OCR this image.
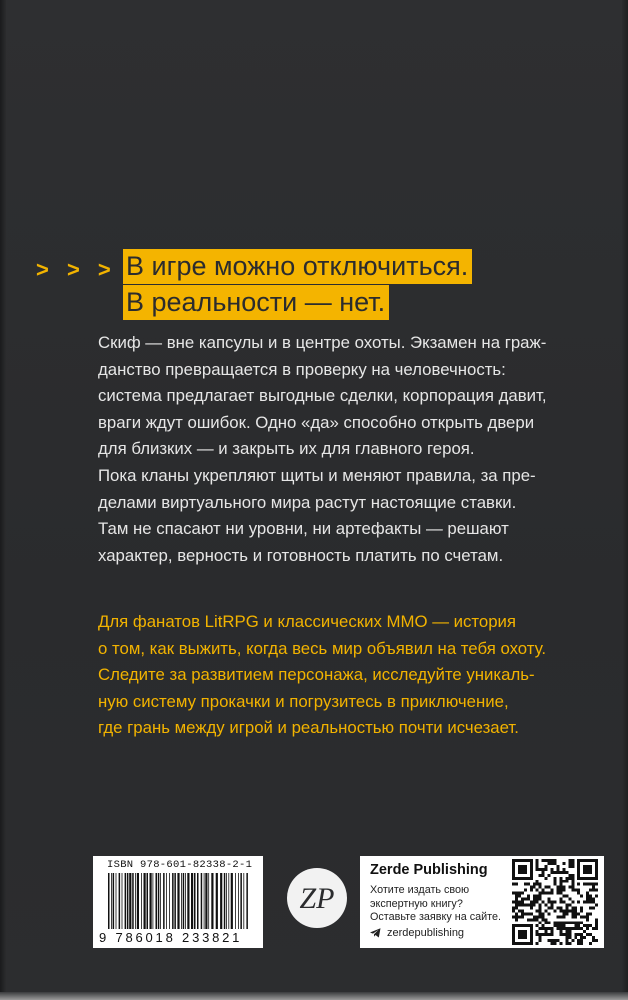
> > > В игре можно отключиться.
В реальности — нет.
Скиф — вне капсулы и в центре охоты. Экзамен на граж-
данство превращается в проверку на человечность:
система предлагает выгодные сделки, корпорация давит,
враги ждут ошибок. Одно «да» способно открыть двери
для близких — и закрыть их для главного героя.
Пока кланы укрепляют щиты и меняют правила, за пре-
делами виртуального мира растут настоящие ставки.
Там не спасают ни уровни, ни артефакты — решают
характер, верность и готовность платить по счетам.
Для фанатов LitRPG и классических MMO — история
о том, как выжить, когда весь мир объявил на тебя охоту.
Следите за развитием персонажа, исследуйте уникаль-
ную систему прокачки и погрузитесь в приключение,
где грань между игрой и реальностью почти исчезает.
ISBN 978-601-82338-2-1
9 786018 233821
ZP
Zerde Publishing
Хотите издать свою
экспертную книгу?
Оставьте заявку на сайте.
zerdepublishing
